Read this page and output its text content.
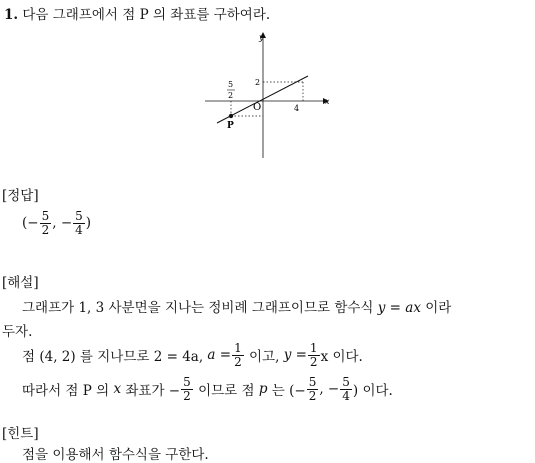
1. 다음 그래프에서 점 P 의 좌표를 구하여라.
x
y
O
2
4
5
2
P
[정답]
(− $\frac{5}{2}$ , − $\frac{5}{4}$ )
[해설]
그래프가 1, 3 사분면을 지나는 정비례 그래프이므로 함수식 y = ax 이라
두자.
점 (4, 2) 를 지나므로 2 = 4a,
$a = \frac{1}{2}$
이고,
$y = \frac{1}{2}$ x 이다.
따라서 점 P 의
x
좌표가 − $\frac{5}{2}$
이므로 점
p
는 (− $\frac{5}{2}$ , − $\frac{5}{4}$ ) 이다.
[힌트]
점을 이용해서 함수식을 구한다.
